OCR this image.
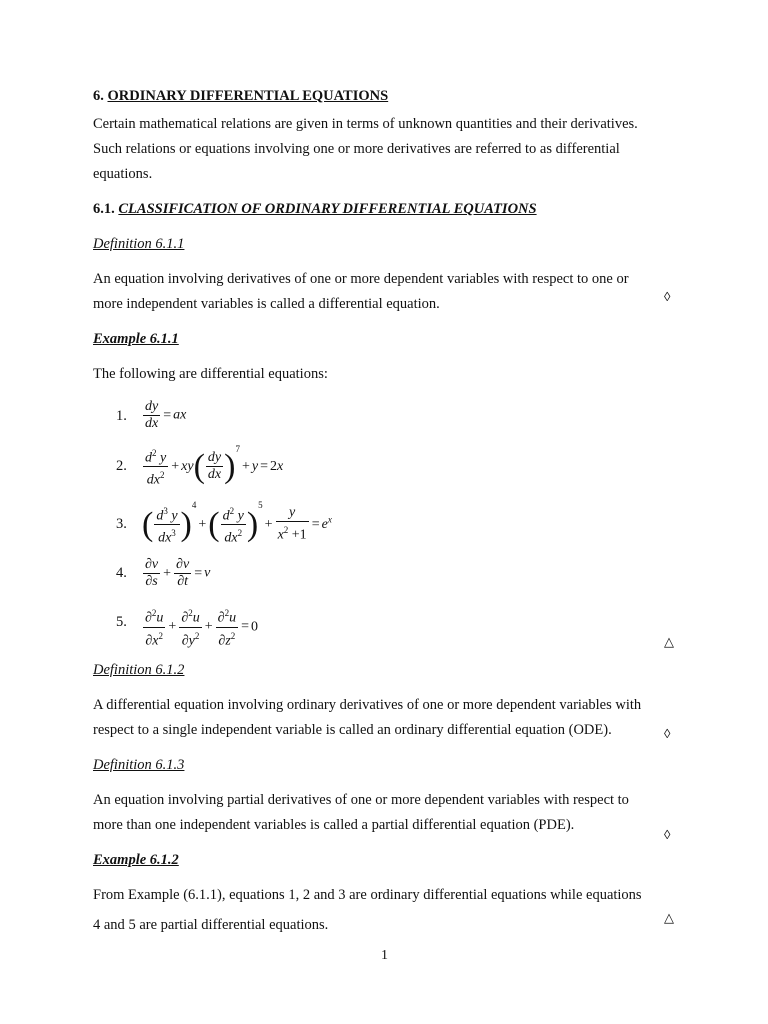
6. ORDINARY DIFFERENTIAL EQUATIONS
Certain mathematical relations are given in terms of unknown quantities and their derivatives.
Such relations or equations involving one or more derivatives are referred to as differential
equations.
6.1. CLASSIFICATION OF ORDINARY DIFFERENTIAL EQUATIONS
Definition 6.1.1
An equation involving derivatives of one or more dependent variables with respect to one or
more independent variables is called a differential equation.	◊
Example 6.1.1
The following are differential equations:
1. $\frac{dy}{dx}$ = ax
2. $\frac{d^2 y}{dx^2} + xy( \frac{dy}{dx} )^7+ y = 2x$
3. ( $\frac{d^3 y}{dx^3} )^4+( \frac{d^2 y}{dx^2} )^5+ \frac{y}{x^2 +1} = e^x$
4. $\frac{\partial v}{\partial s} + \frac{\partial v}{\partial t} = v$
5. $\frac{\partial^2u}{\partial x^2} + \frac{\partial^2u}{\partial y^2} + \frac{\partial^2u}{\partial z^2} = 0$
△
Definition 6.1.2
A differential equation involving ordinary derivatives of one or more dependent variables with
respect to a single independent variable is called an ordinary differential equation (ODE).	◊
Definition 6.1.3
An equation involving partial derivatives of one or more dependent variables with respect to
more than one independent variables is called a partial differential equation (PDE).
◊
Example 6.1.2
From Example (6.1.1), equations 1, 2 and 3 are ordinary differential equations while equations
4 and 5 are partial differential equations.	△
1
